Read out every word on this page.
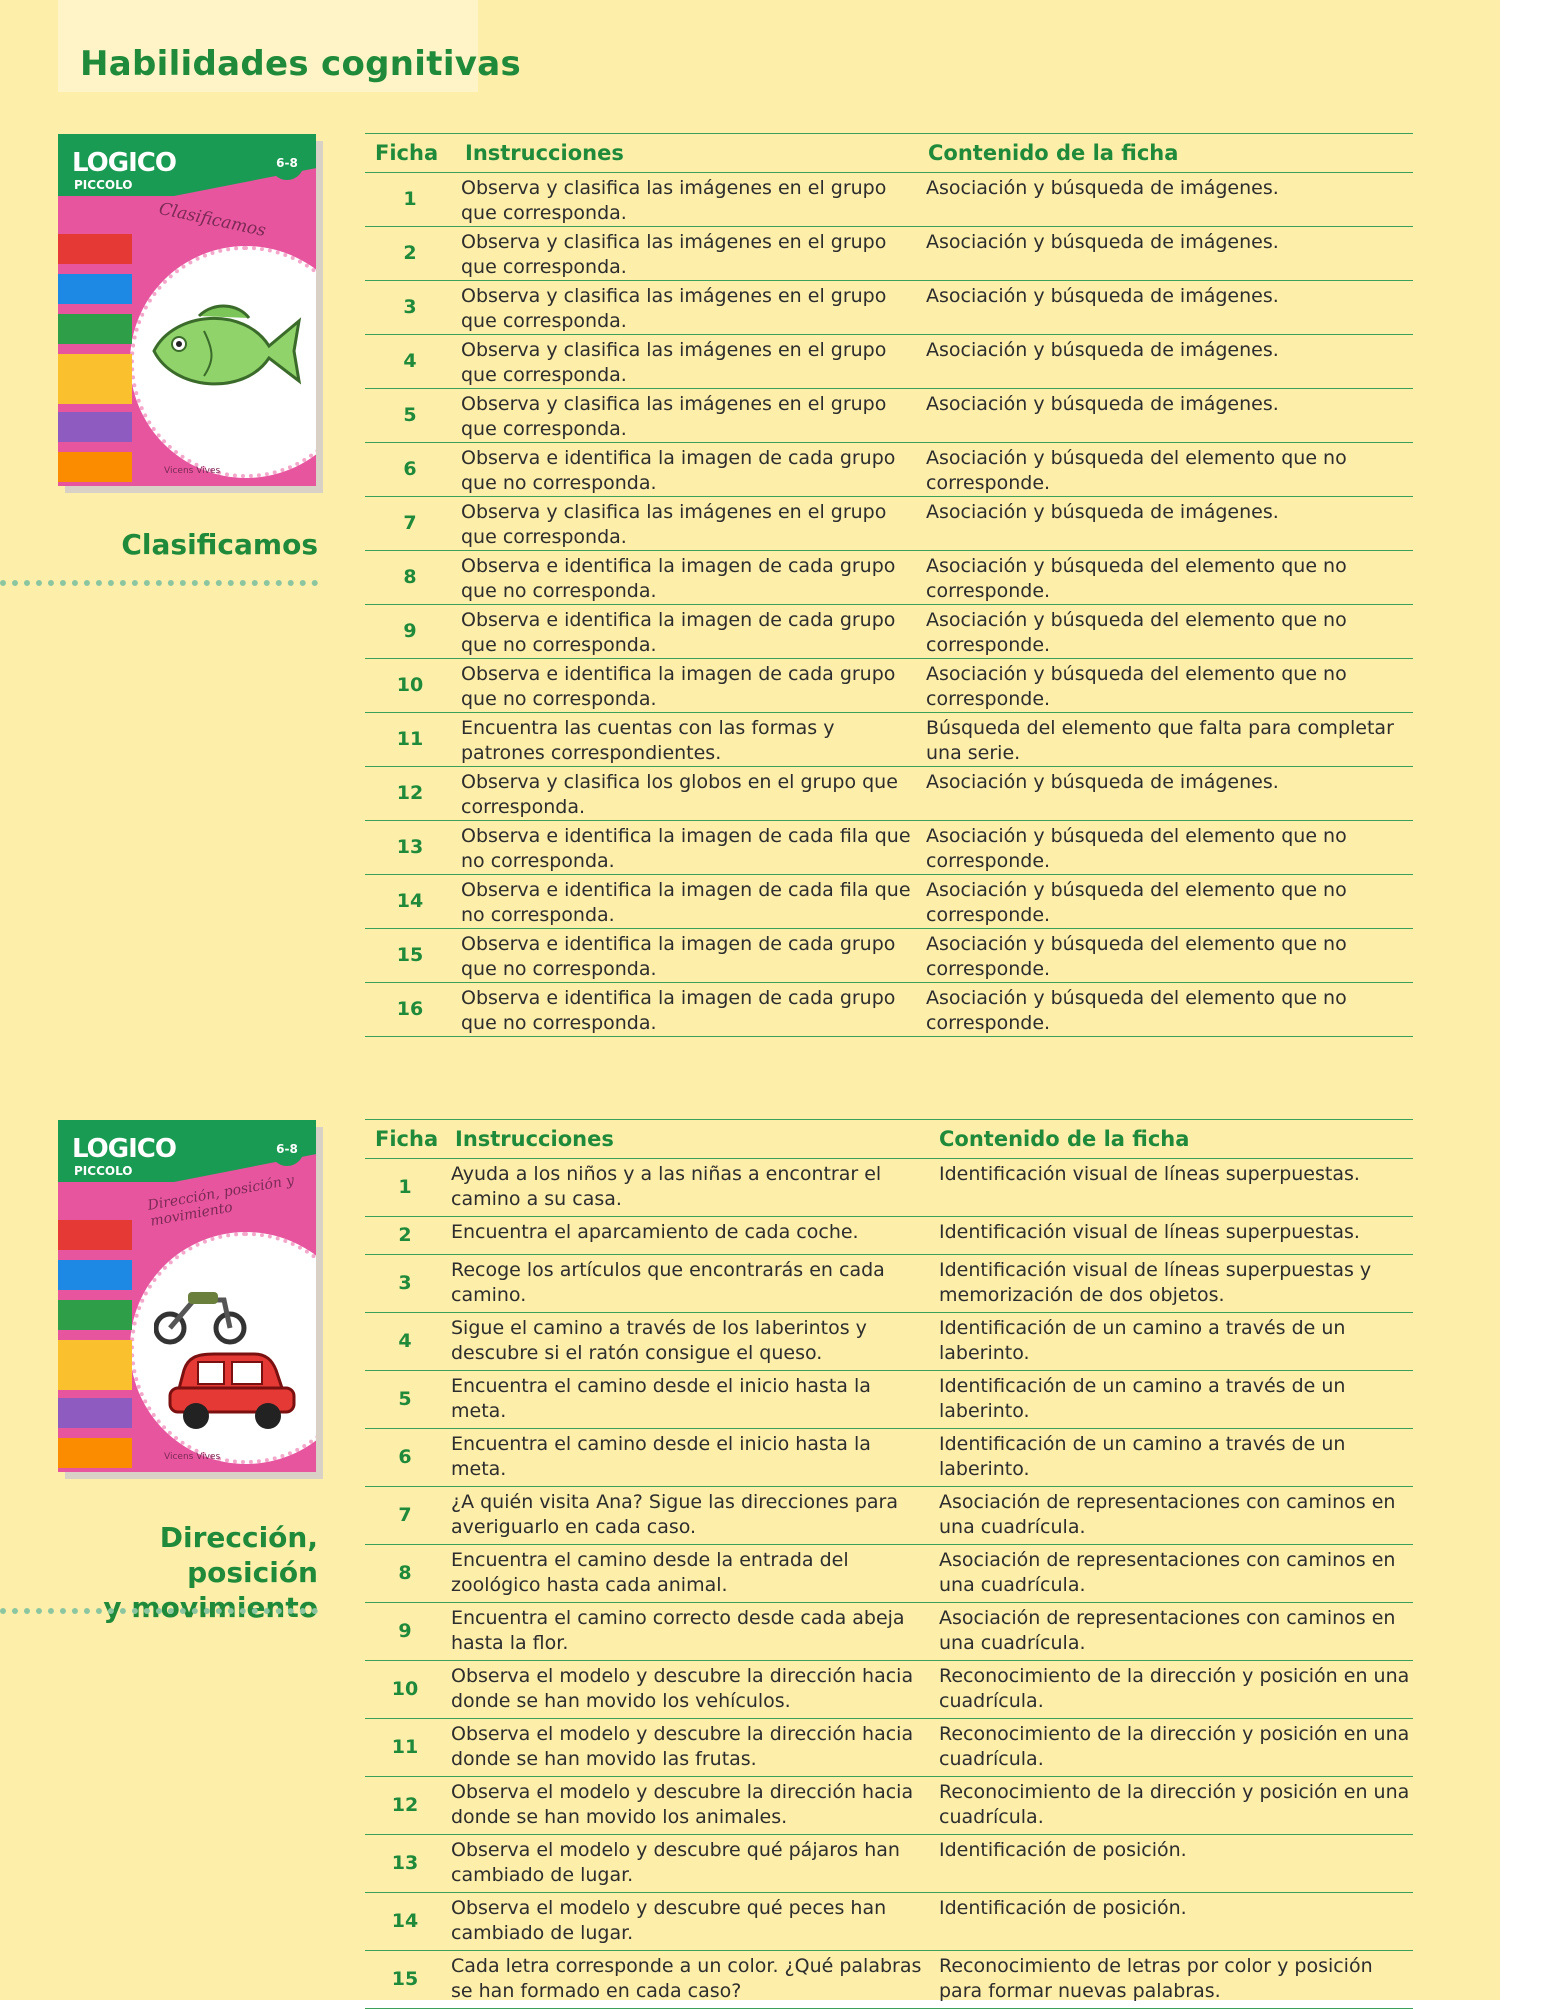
Habilidades cognitivas
LOGICO
PICCOLO
6-8
Clasificamos
Vicens Vives
Clasificamos
Ficha	Instrucciones	Contenido de la ficha
1	Observa y clasifica las imágenes en el grupo que corresponda.	Asociación y búsqueda de imágenes.

2	Observa y clasifica las imágenes en el grupo que corresponda.	Asociación y búsqueda de imágenes.

3	Observa y clasifica las imágenes en el grupo que corresponda.	Asociación y búsqueda de imágenes.

4	Observa y clasifica las imágenes en el grupo que corresponda.	Asociación y búsqueda de imágenes.

5	Observa y clasifica las imágenes en el grupo que corresponda.	Asociación y búsqueda de imágenes.

6	Observa e identifica la imagen de cada grupo que no corresponda.	Asociación y búsqueda del elemento que no corresponde.

7	Observa y clasifica las imágenes en el grupo que corresponda.	Asociación y búsqueda de imágenes.

8	Observa e identifica la imagen de cada grupo que no corresponda.	Asociación y búsqueda del elemento que no corresponde.

9	Observa e identifica la imagen de cada grupo que no corresponda.	Asociación y búsqueda del elemento que no corresponde.

10	Observa e identifica la imagen de cada grupo que no corresponda.	Asociación y búsqueda del elemento que no corresponde.

11	Encuentra las cuentas con las formas y patrones correspondientes.	Búsqueda del elemento que falta para completar una serie.

12	Observa y clasifica los globos en el grupo que corresponda.	Asociación y búsqueda de imágenes.

13	Observa e identifica la imagen de cada fila que no corresponda.	Asociación y búsqueda del elemento que no corresponde.

14	Observa e identifica la imagen de cada fila que no corresponda.	Asociación y búsqueda del elemento que no corresponde.

15	Observa e identifica la imagen de cada grupo que no corresponda.	Asociación y búsqueda del elemento que no corresponde.

16	Observa e identifica la imagen de cada grupo que no corresponda.	Asociación y búsqueda del elemento que no corresponde.
LOGICO
PICCOLO
6-8
Dirección, posición y movimiento
Vicens Vives
Dirección, posición
y movimiento
Ficha	Instrucciones	Contenido de la ficha
1	Ayuda a los niños y a las niñas a encontrar el camino a su casa.	Identificación visual de líneas superpuestas.

2	Encuentra el aparcamiento de cada coche.	Identificación visual de líneas superpuestas.

3	Recoge los artículos que encontrarás en cada camino.	Identificación visual de líneas superpuestas y memorización de dos objetos.

4	Sigue el camino a través de los laberintos y descubre si el ratón consigue el queso.	Identificación de un camino a través de un laberinto.

5	Encuentra el camino desde el inicio hasta la meta.	Identificación de un camino a través de un laberinto.

6	Encuentra el camino desde el inicio hasta la meta.	Identificación de un camino a través de un laberinto.

7	¿A quién visita Ana? Sigue las direcciones para averiguarlo en cada caso.	Asociación de representaciones con caminos en una cuadrícula.

8	Encuentra el camino desde la entrada del zoológico hasta cada animal.	Asociación de representaciones con caminos en una cuadrícula.

9	Encuentra el camino correcto desde cada abeja hasta la flor.	Asociación de representaciones con caminos en una cuadrícula.

10	Observa el modelo y descubre la dirección hacia donde se han movido los vehículos.	Reconocimiento de la dirección y posición en una cuadrícula.

11	Observa el modelo y descubre la dirección hacia donde se han movido las frutas.	Reconocimiento de la dirección y posición en una cuadrícula.

12	Observa el modelo y descubre la dirección hacia donde se han movido los animales.	Reconocimiento de la dirección y posición en una cuadrícula.

13	Observa el modelo y descubre qué pájaros han cambiado de lugar.	Identificación de posición.

14	Observa el modelo y descubre qué peces han cambiado de lugar.	Identificación de posición.

15	Cada letra corresponde a un color. ¿Qué palabras se han formado en cada caso?	Reconocimiento de letras por color y posición para formar nuevas palabras.
